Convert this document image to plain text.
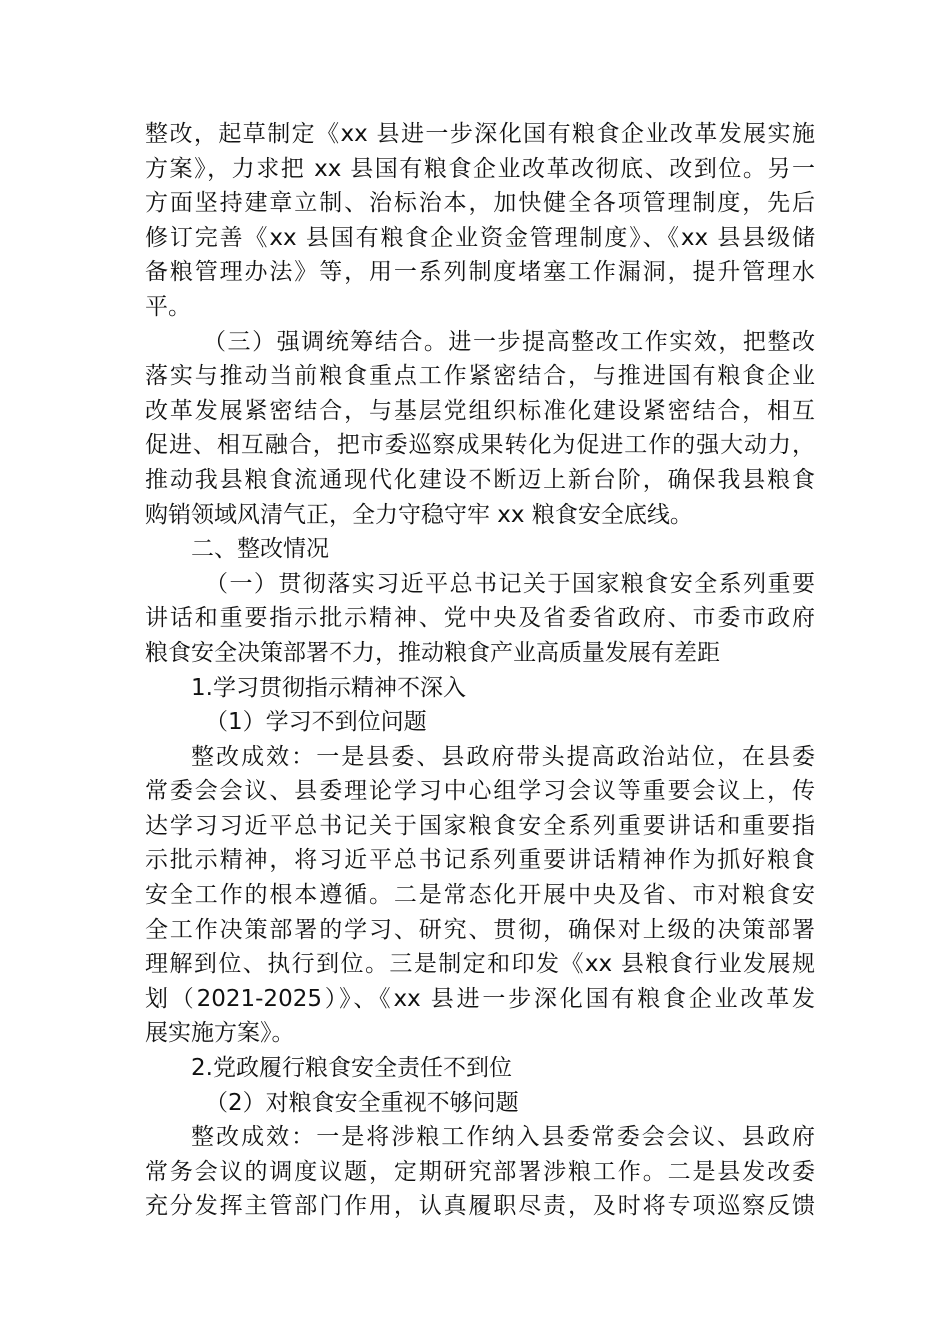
整改，起草制定《xx 县进一步深化国有粮食企业改革发展实施
方案》，力求把 xx 县国有粮食企业改革改彻底、改到位。另一
方面坚持建章立制、治标治本，加快健全各项管理制度，先后
修订完善《xx 县国有粮食企业资金管理制度》、《xx 县县级储
备粮管理办法》等，用一系列制度堵塞工作漏洞，提升管理水
平。
（三）强调统筹结合。进一步提高整改工作实效，把整改
落实与推动当前粮食重点工作紧密结合，与推进国有粮食企业
改革发展紧密结合，与基层党组织标准化建设紧密结合，相互
促进、相互融合，把市委巡察成果转化为促进工作的强大动力，
推动我县粮食流通现代化建设不断迈上新台阶，确保我县粮食
购销领域风清气正，全力守稳守牢 xx 粮食安全底线。
二、整改情况
（一）贯彻落实习近平总书记关于国家粮食安全系列重要
讲话和重要指示批示精神、党中央及省委省政府、市委市政府
粮食安全决策部署不力，推动粮食产业高质量发展有差距
1.学习贯彻指示精神不深入
（1）学习不到位问题
整改成效：一是县委、县政府带头提高政治站位，在县委
常委会会议、县委理论学习中心组学习会议等重要会议上，传
达学习习近平总书记关于国家粮食安全系列重要讲话和重要指
示批示精神，将习近平总书记系列重要讲话精神作为抓好粮食
安全工作的根本遵循。二是常态化开展中央及省、市对粮食安
全工作决策部署的学习、研究、贯彻，确保对上级的决策部署
理解到位、执行到位。三是制定和印发《xx 县粮食行业发展规
划（2021-2025）》、《xx 县进一步深化国有粮食企业改革发
展实施方案》。
2.党政履行粮食安全责任不到位
（2）对粮食安全重视不够问题
整改成效：一是将涉粮工作纳入县委常委会会议、县政府
常务会议的调度议题，定期研究部署涉粮工作。二是县发改委
充分发挥主管部门作用，认真履职尽责，及时将专项巡察反馈
